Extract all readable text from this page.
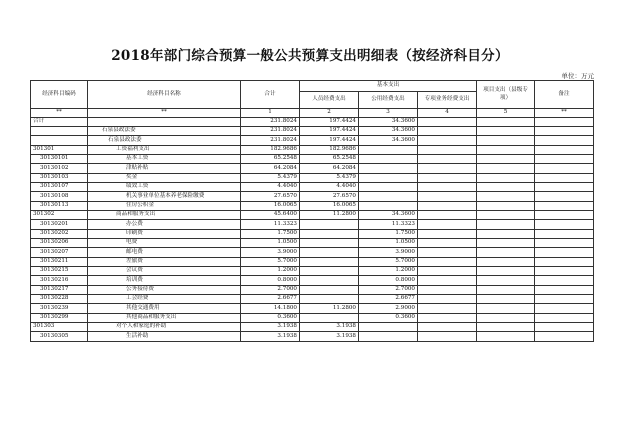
2018年部门综合预算一般公共预算支出明细表（按经济科目分）
单位：万元
经济科目编码	经济科目名称	合计	基本支出			项目支出（县级专项）	备注
			人员经费支出	公用经费支出	专项业务经费支出		
**	**	1	2	3	4	5	**
合计		231.8024	197.4424	34.3600			
	石泉县政法委	231.8024	197.4424	34.3600			
	石泉县政法委	231.8024	197.4424	34.3600			
301301	工资福利支出	182.9686	182.9686				
30130101	基本工资	65.2548	65.2548				
30130102	津贴补贴	64.2084	64.2084				
30130103	奖金	5.4379	5.4379				
30130107	绩效工资	4.4040	4.4040				
30130108	机关事业单位基本养老保险缴费	27.6570	27.6570				
30130113	住房公积金	16.0065	16.0065				
301302	商品和服务支出	45.6400	11.2800	34.3600			
30130201	办公费	11.3323		11.3323			
30130202	印刷费	1.7500		1.7500			
30130206	电费	1.0500		1.0500			
30130207	邮电费	3.9000		3.9000			
30130211	差旅费	5.7000		5.7000			
30130215	会议费	1.2000		1.2000			
30130216	培训费	0.8000		0.8000			
30130217	公务接待费	2.7000		2.7000			
30130228	工会经费	2.6677		2.6677			
30130239	其他交通费用	14.1800	11.2800	2.9000			
30130299	其他商品和服务支出	0.3600		0.3600			
301303	对个人和家庭的补助	3.1938	3.1938				
30130305	生活补助	3.1938	3.1938				
